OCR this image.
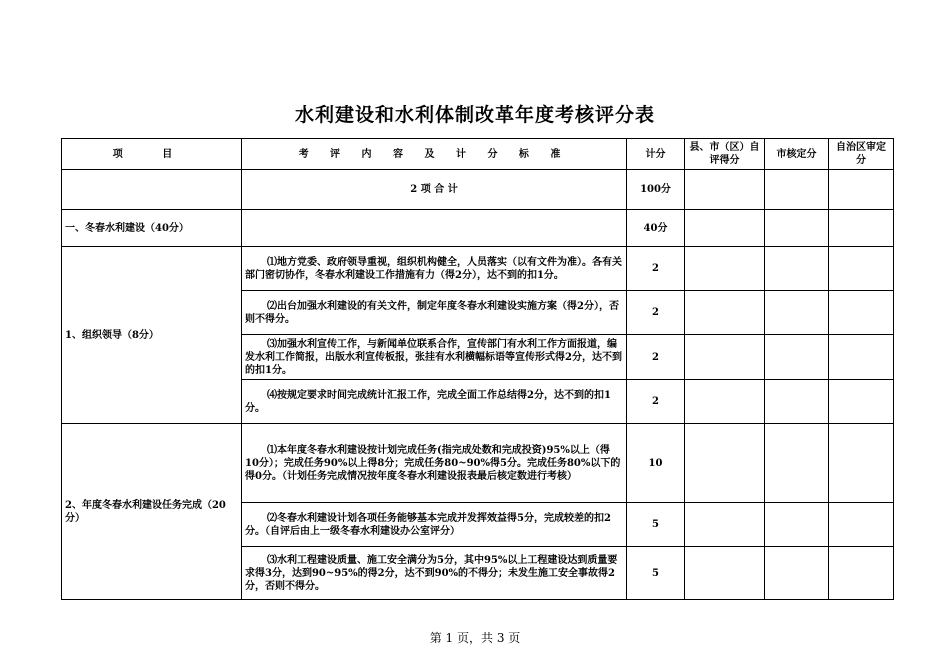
水利建设和水利体制改革年度考核评分表
项 目	考 评 内 容 及 计 分 标 准	计分	县、市（区）自评得分	市核定分	自治区审定分
	2 项 合 计	100分			
一、冬春水利建设（40分）		40分			
1、组织领导（8分）	⑴地方党委、政府领导重视，组织机构健全，人员落实（以有文件为准）。各有关部门密切协作，冬春水利建设工作措施有力（得2分），达不到的扣1分。	2			
	⑵出台加强水利建设的有关文件，制定年度冬春水利建设实施方案（得2分），否则不得分。	2			
	⑶加强水利宣传工作，与新闻单位联系合作，宣传部门有水利工作方面报道，编发水利工作简报，出版水利宣传板报，张挂有水利横幅标语等宣传形式得2分，达不到的扣1分。	2			
	⑷按规定要求时间完成统计汇报工作，完成全面工作总结得2分，达不到的扣1分。	2			
2、年度冬春水利建设任务完成（20分）	⑴本年度冬春水利建设按计划完成任务(指完成处数和完成投资)95%以上（得10分）；完成任务90%以上得8分；完成任务80~90%得5分。完成任务80%以下的得0分。（计划任务完成情况按年度冬春水利建设报表最后核定数进行考核）	10			
	⑵冬春水利建设计划各项任务能够基本完成并发挥效益得5分，完成较差的扣2分。（自评后由上一级冬春水利建设办公室评分）	5			
	⑶水利工程建设质量、施工安全满分为5分，其中95%以上工程建设达到质量要求得3分，达到90~95%的得2分，达不到90%的不得分；未发生施工安全事故得2分，否则不得分。	5			
第 1 页，共 3 页
